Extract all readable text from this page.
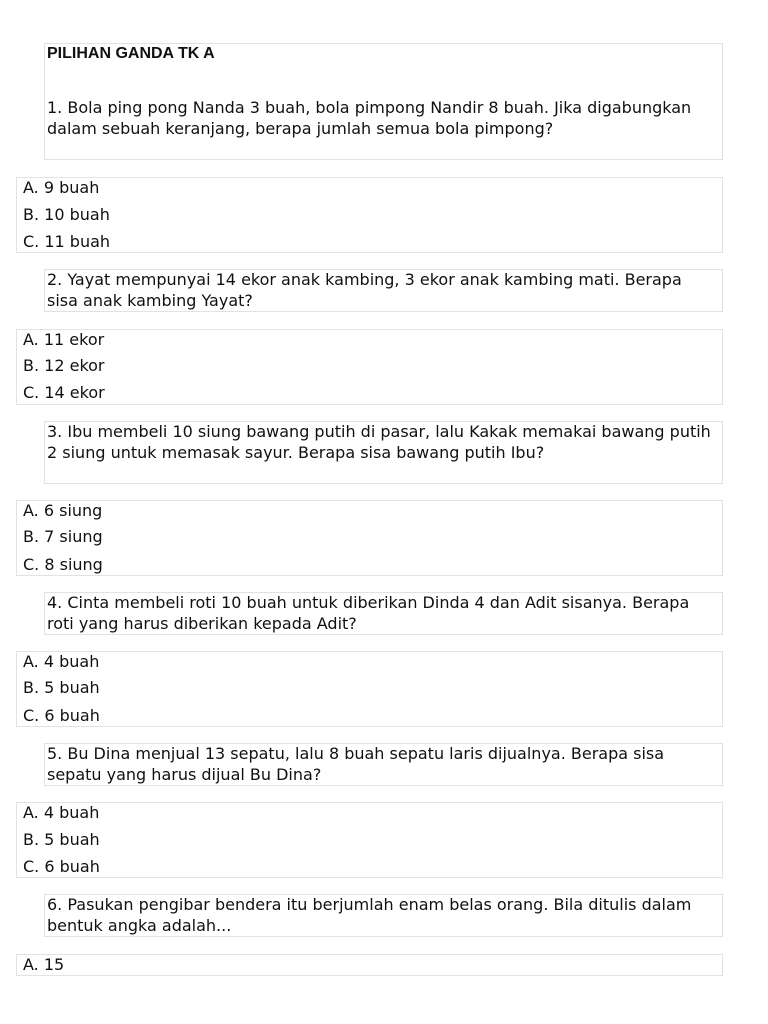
PILIHAN GANDA TK A

1. Bola ping pong Nanda 3 buah, bola pimpong Nandir 8 buah. Jika digabungkan dalam sebuah keranjang, berapa jumlah semua bola pimpong?

A. 9 buah

B. 10 buah

C. 11 buah

2. Yayat mempunyai 14 ekor anak kambing, 3 ekor anak kambing mati. Berapa sisa anak kambing Yayat?

A. 11 ekor

B. 12 ekor

C. 14 ekor

3. Ibu membeli 10 siung bawang putih di pasar, lalu Kakak memakai bawang putih 2 siung untuk memasak sayur. Berapa sisa bawang putih Ibu?

A. 6 siung

B. 7 siung

C. 8 siung

4. Cinta membeli roti 10 buah untuk diberikan Dinda 4 dan Adit sisanya. Berapa roti yang harus diberikan kepada Adit?

A. 4 buah

B. 5 buah

C. 6 buah

5. Bu Dina menjual 13 sepatu, lalu 8 buah sepatu laris dijualnya. Berapa sisa sepatu yang harus dijual Bu Dina?

A. 4 buah

B. 5 buah

C. 6 buah

6. Pasukan pengibar bendera itu berjumlah enam belas orang. Bila ditulis dalam bentuk angka adalah...

A. 15
